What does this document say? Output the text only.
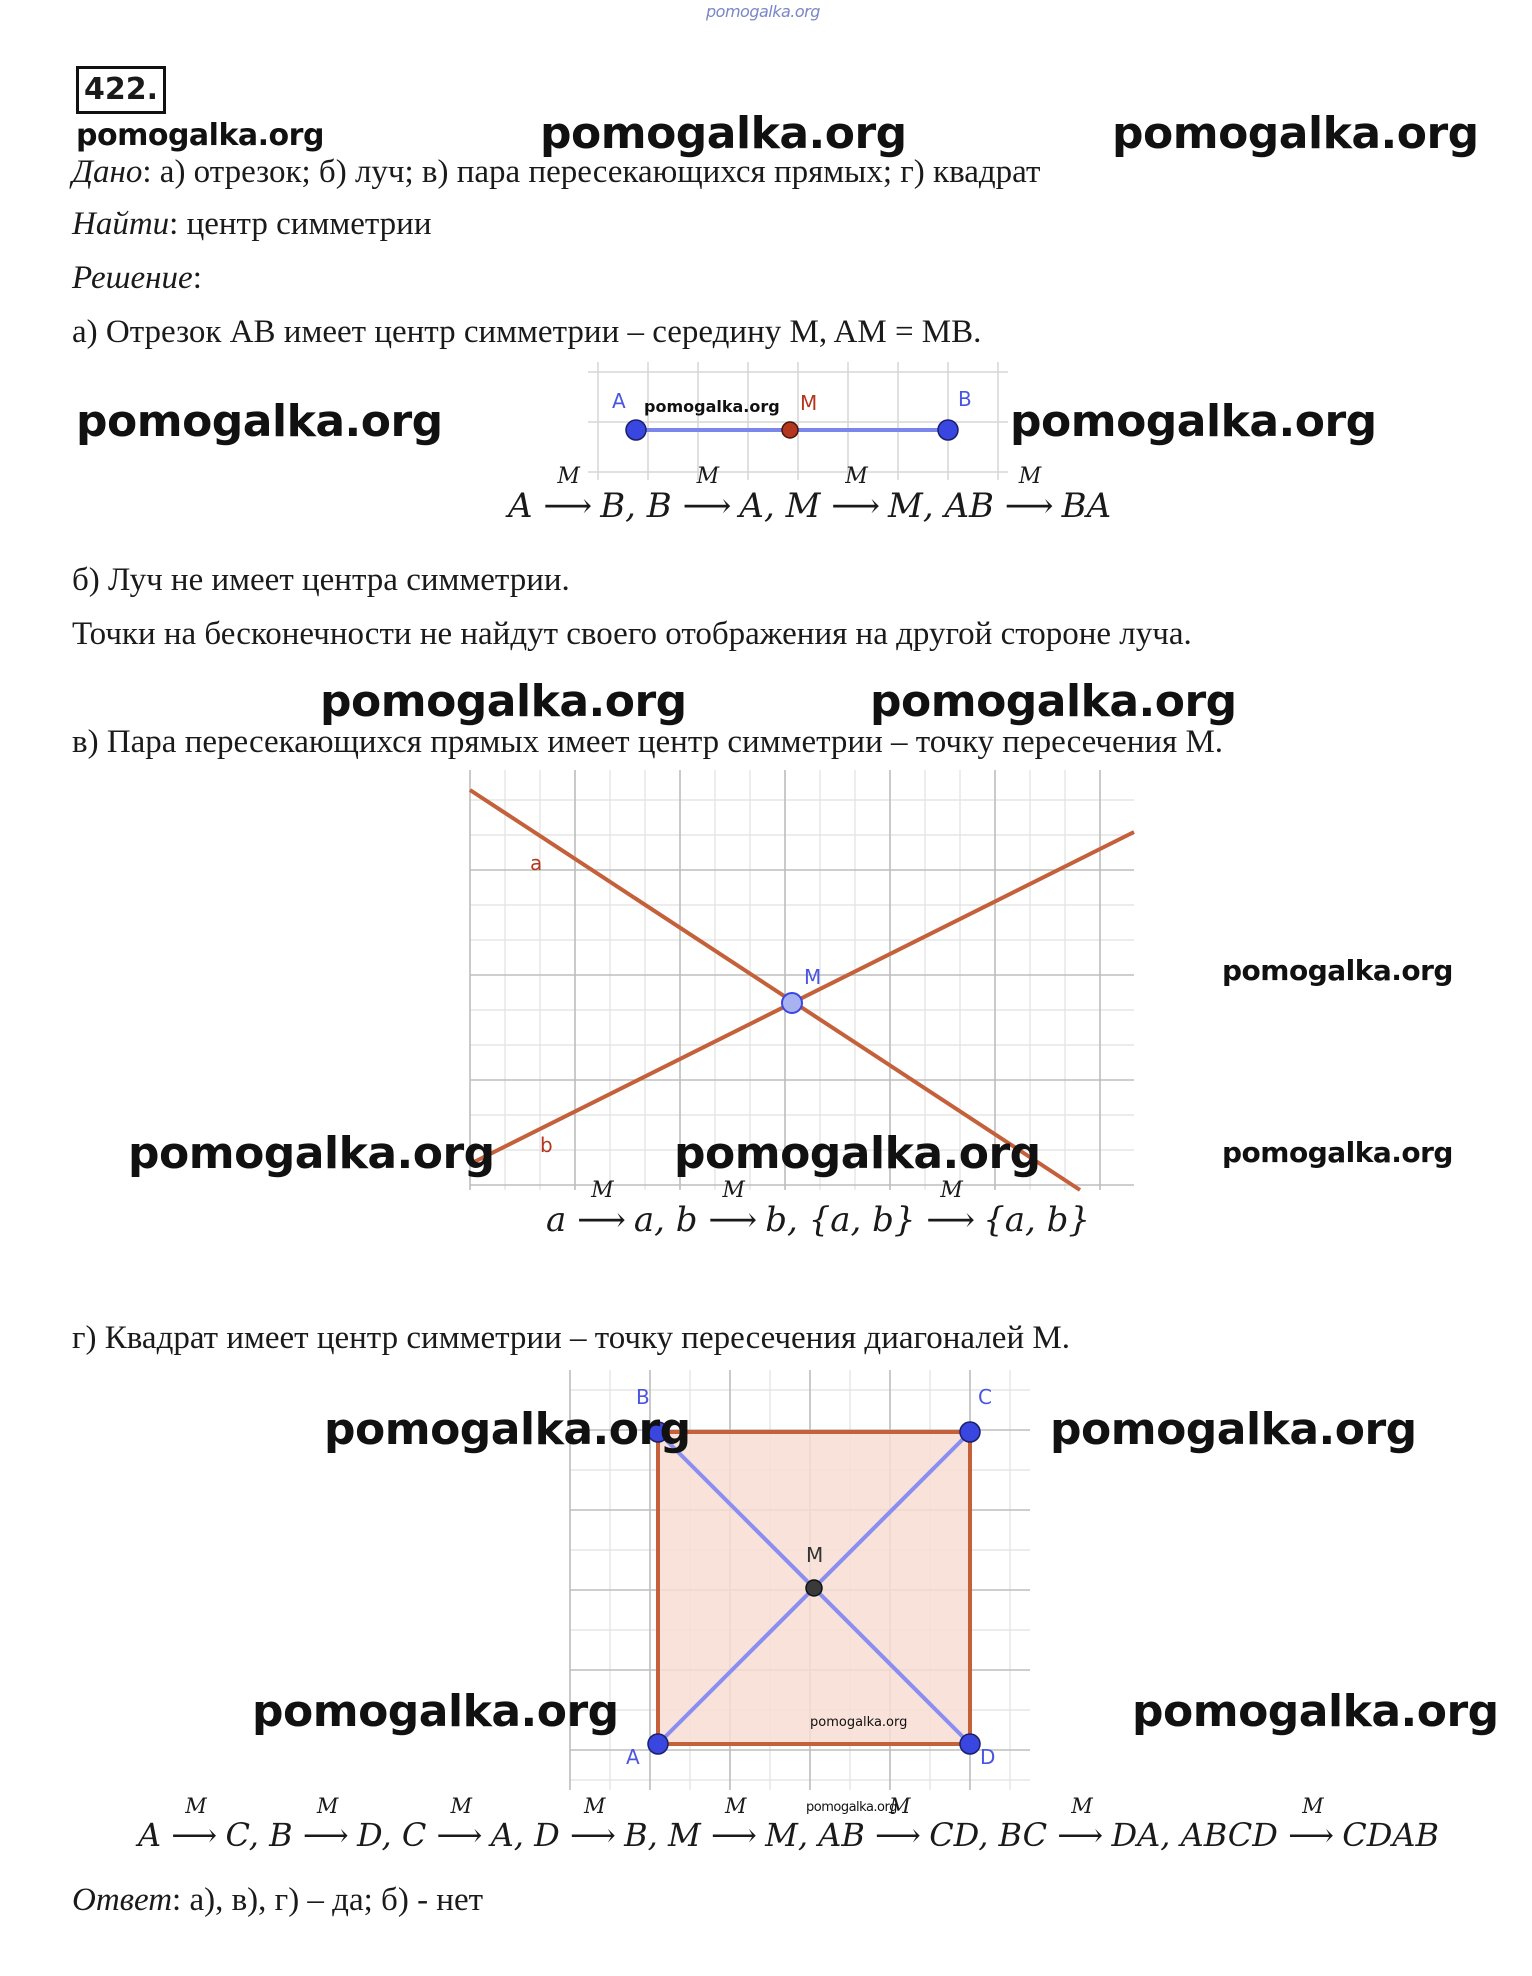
pomogalka.org
422.
pomogalka.org	pomogalka.org	pomogalka.org
Дано: а) отрезок; б) луч; в) пара пересекающихся прямых; г) квадрат
Найти: центр симметрии
Решение:
а) Отрезок AB имеет центр симметрии – середину M, AM = MB.
pomogalka.org	pomogalka.org
A	M	B
pomogalka.org
A
M
⟶ B, B
M
⟶ A, M
M
⟶ M, AB
M
⟶ BA
б) Луч не имеет центра симметрии.
Точки на бесконечности не найдут своего отображения на другой стороне луча.
pomogalka.org	pomogalka.org
в) Пара пересекающихся прямых имеет центр симметрии – точку пересечения M.
M
a
b
pomogalka.org
pomogalka.org
pomogalka.org	pomogalka.org
a
M
⟶ a, b
M
⟶ b, {a, b}
M
⟶ {a, b}
г) Квадрат имеет центр симметрии – точку пересечения диагоналей M.
B	C
A	D
M
pomogalka.org
pomogalka.org	pomogalka.org
pomogalka.org	pomogalka.org
pomogalka.org
A
M
⟶ C, B
M
⟶ D, C
M
⟶ A, D
M
⟶ B, M
M
⟶ M, AB
M
⟶ CD, BC
M
⟶ DA, ABCD
M
⟶ CDAB
Ответ: а), в), г) – да; б) - нет
